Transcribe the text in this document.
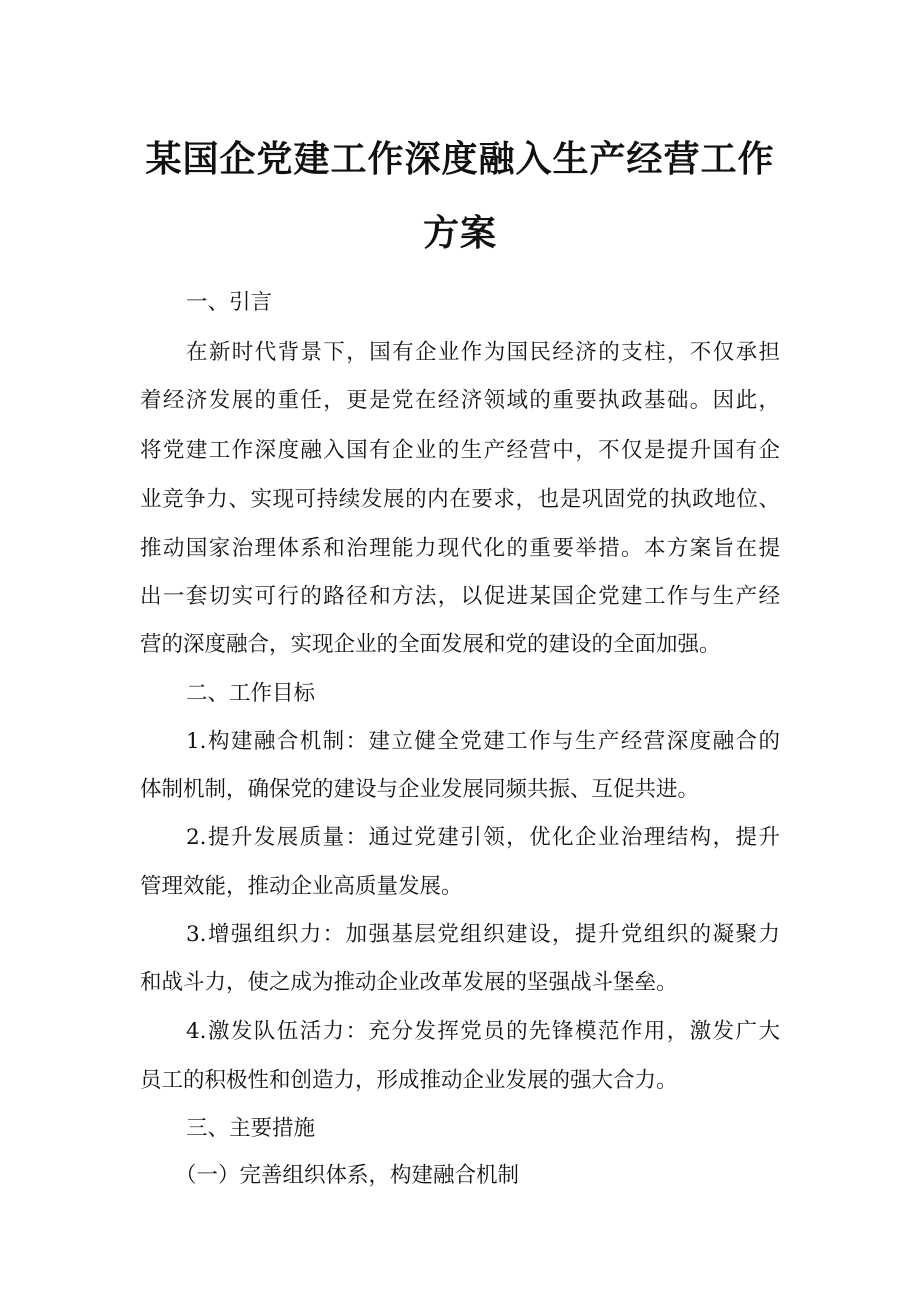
某国企党建工作深度融入生产经营工作
方案

一、引言

在新时代背景下，国有企业作为国民经济的支柱，不仅承担

着经济发展的重任，更是党在经济领域的重要执政基础。因此，

将党建工作深度融入国有企业的生产经营中，不仅是提升国有企

业竞争力、实现可持续发展的内在要求，也是巩固党的执政地位、

推动国家治理体系和治理能力现代化的重要举措。本方案旨在提

出一套切实可行的路径和方法，以促进某国企党建工作与生产经

营的深度融合，实现企业的全面发展和党的建设的全面加强。

二、工作目标

1.构建融合机制：建立健全党建工作与生产经营深度融合的

体制机制，确保党的建设与企业发展同频共振、互促共进。

2.提升发展质量：通过党建引领，优化企业治理结构，提升

管理效能，推动企业高质量发展。

3.增强组织力：加强基层党组织建设，提升党组织的凝聚力

和战斗力，使之成为推动企业改革发展的坚强战斗堡垒。

4.激发队伍活力：充分发挥党员的先锋模范作用，激发广大

员工的积极性和创造力，形成推动企业发展的强大合力。

三、主要措施

（一）完善组织体系，构建融合机制
